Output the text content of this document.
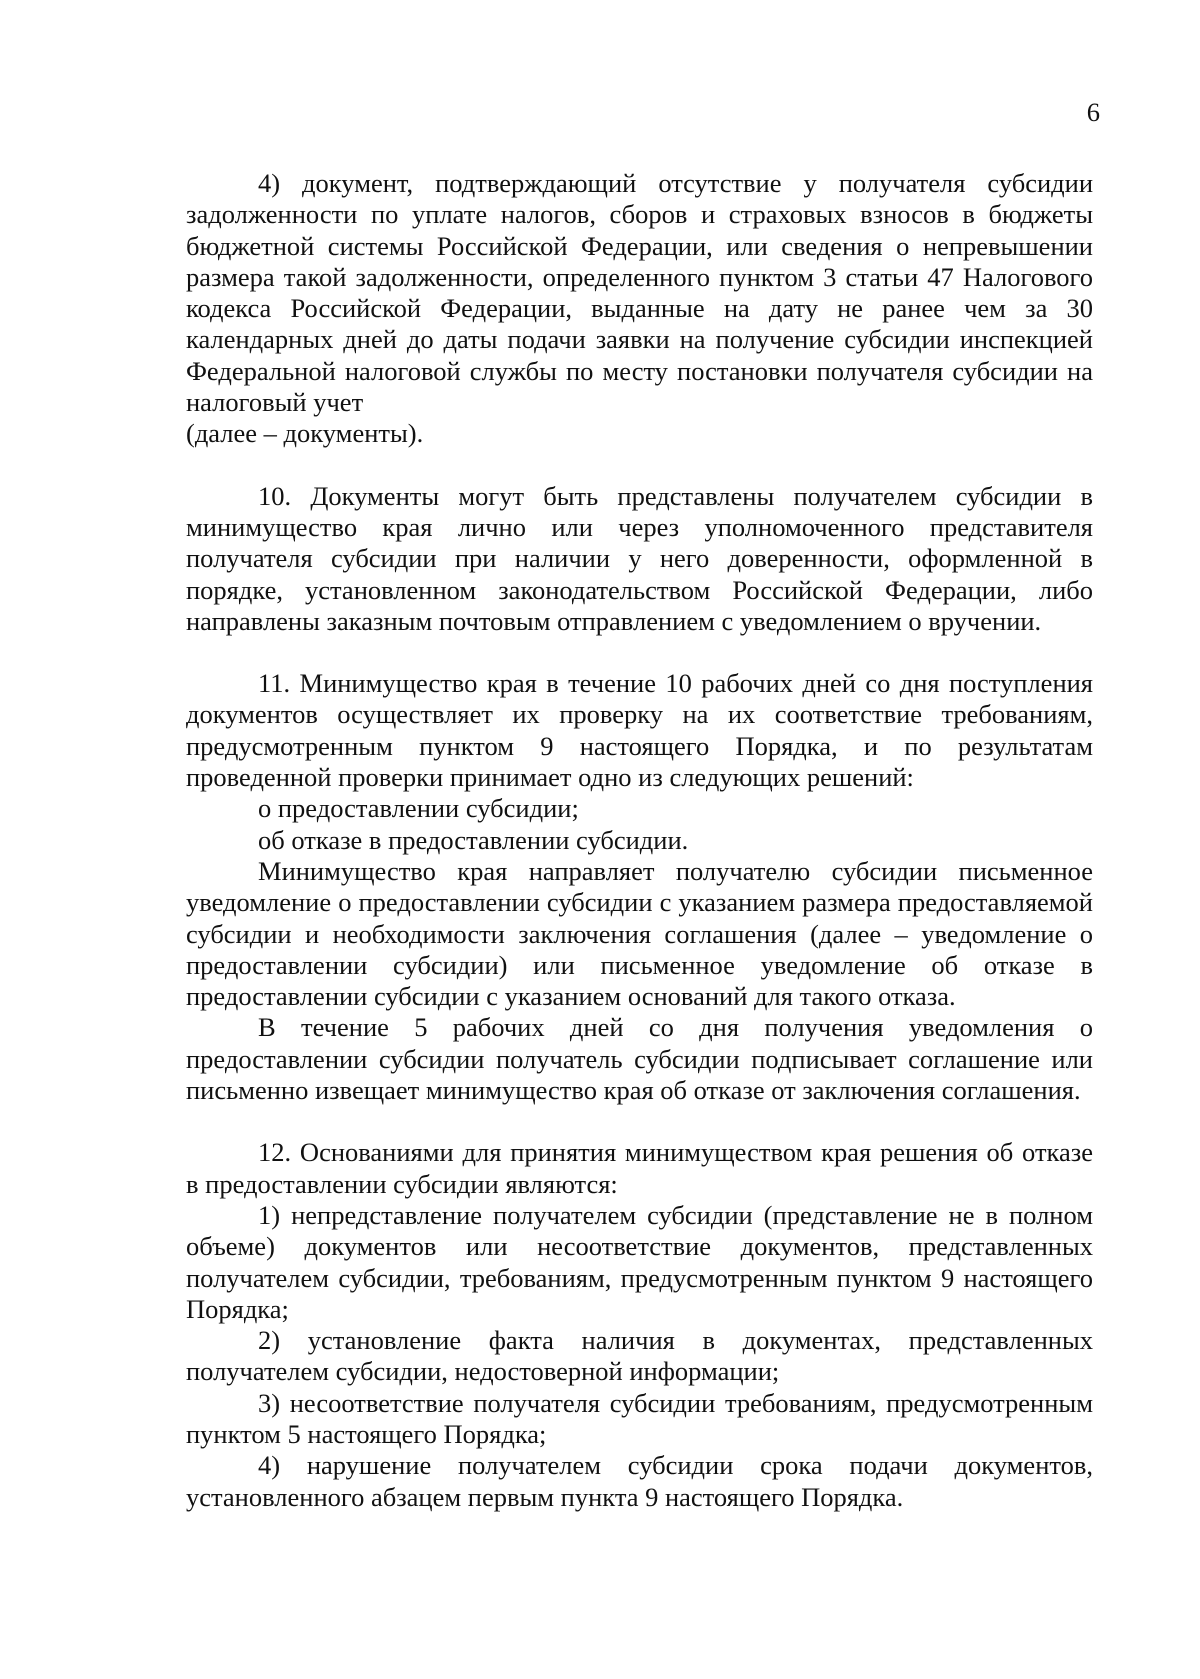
6

4) документ, подтверждающий отсутствие у получателя субсидии задолженности по уплате налогов, сборов и страховых взносов в бюджеты бюджетной системы Российской Федерации, или сведения о непревышении размера такой задолженности, определенного пунктом 3 статьи 47 Налогового кодекса Российской Федерации, выданные на дату не ранее чем за 30 календарных дней до даты подачи заявки на получение субсидии инспекцией Федеральной налоговой службы по месту постановки получателя субсидии на налоговый учет

(далее – документы).

10. Документы могут быть представлены получателем субсидии в минимущество края лично или через уполномоченного представителя получателя субсидии при наличии у него доверенности, оформленной в порядке, установленном законодательством Российской Федерации, либо направлены заказным почтовым отправлением с уведомлением о вручении.

11. Минимущество края в течение 10 рабочих дней со дня поступления документов осуществляет их проверку на их соответствие требованиям, предусмотренным пунктом 9 настоящего Порядка, и по результатам проведенной проверки принимает одно из следующих решений:

о предоставлении субсидии;

об отказе в предоставлении субсидии.

Минимущество края направляет получателю субсидии письменное уведомление о предоставлении субсидии с указанием размера предоставляемой субсидии и необходимости заключения соглашения (далее – уведомление о предоставлении субсидии) или письменное уведомление об отказе в предоставлении субсидии с указанием оснований для такого отказа.

В течение 5 рабочих дней со дня получения уведомления о предоставлении субсидии получатель субсидии подписывает соглашение или письменно извещает минимущество края об отказе от заключения соглашения.

12. Основаниями для принятия минимуществом края решения об отказе в предоставлении субсидии являются:

1) непредставление получателем субсидии (представление не в полном объеме) документов или несоответствие документов, представленных получателем субсидии, требованиям, предусмотренным пунктом 9 настоящего Порядка;

2) установление факта наличия в документах, представленных получателем субсидии, недостоверной информации;

3) несоответствие получателя субсидии требованиям, предусмотренным пунктом 5 настоящего Порядка;

4) нарушение получателем субсидии срока подачи документов, установленного абзацем первым пункта 9 настоящего Порядка.
